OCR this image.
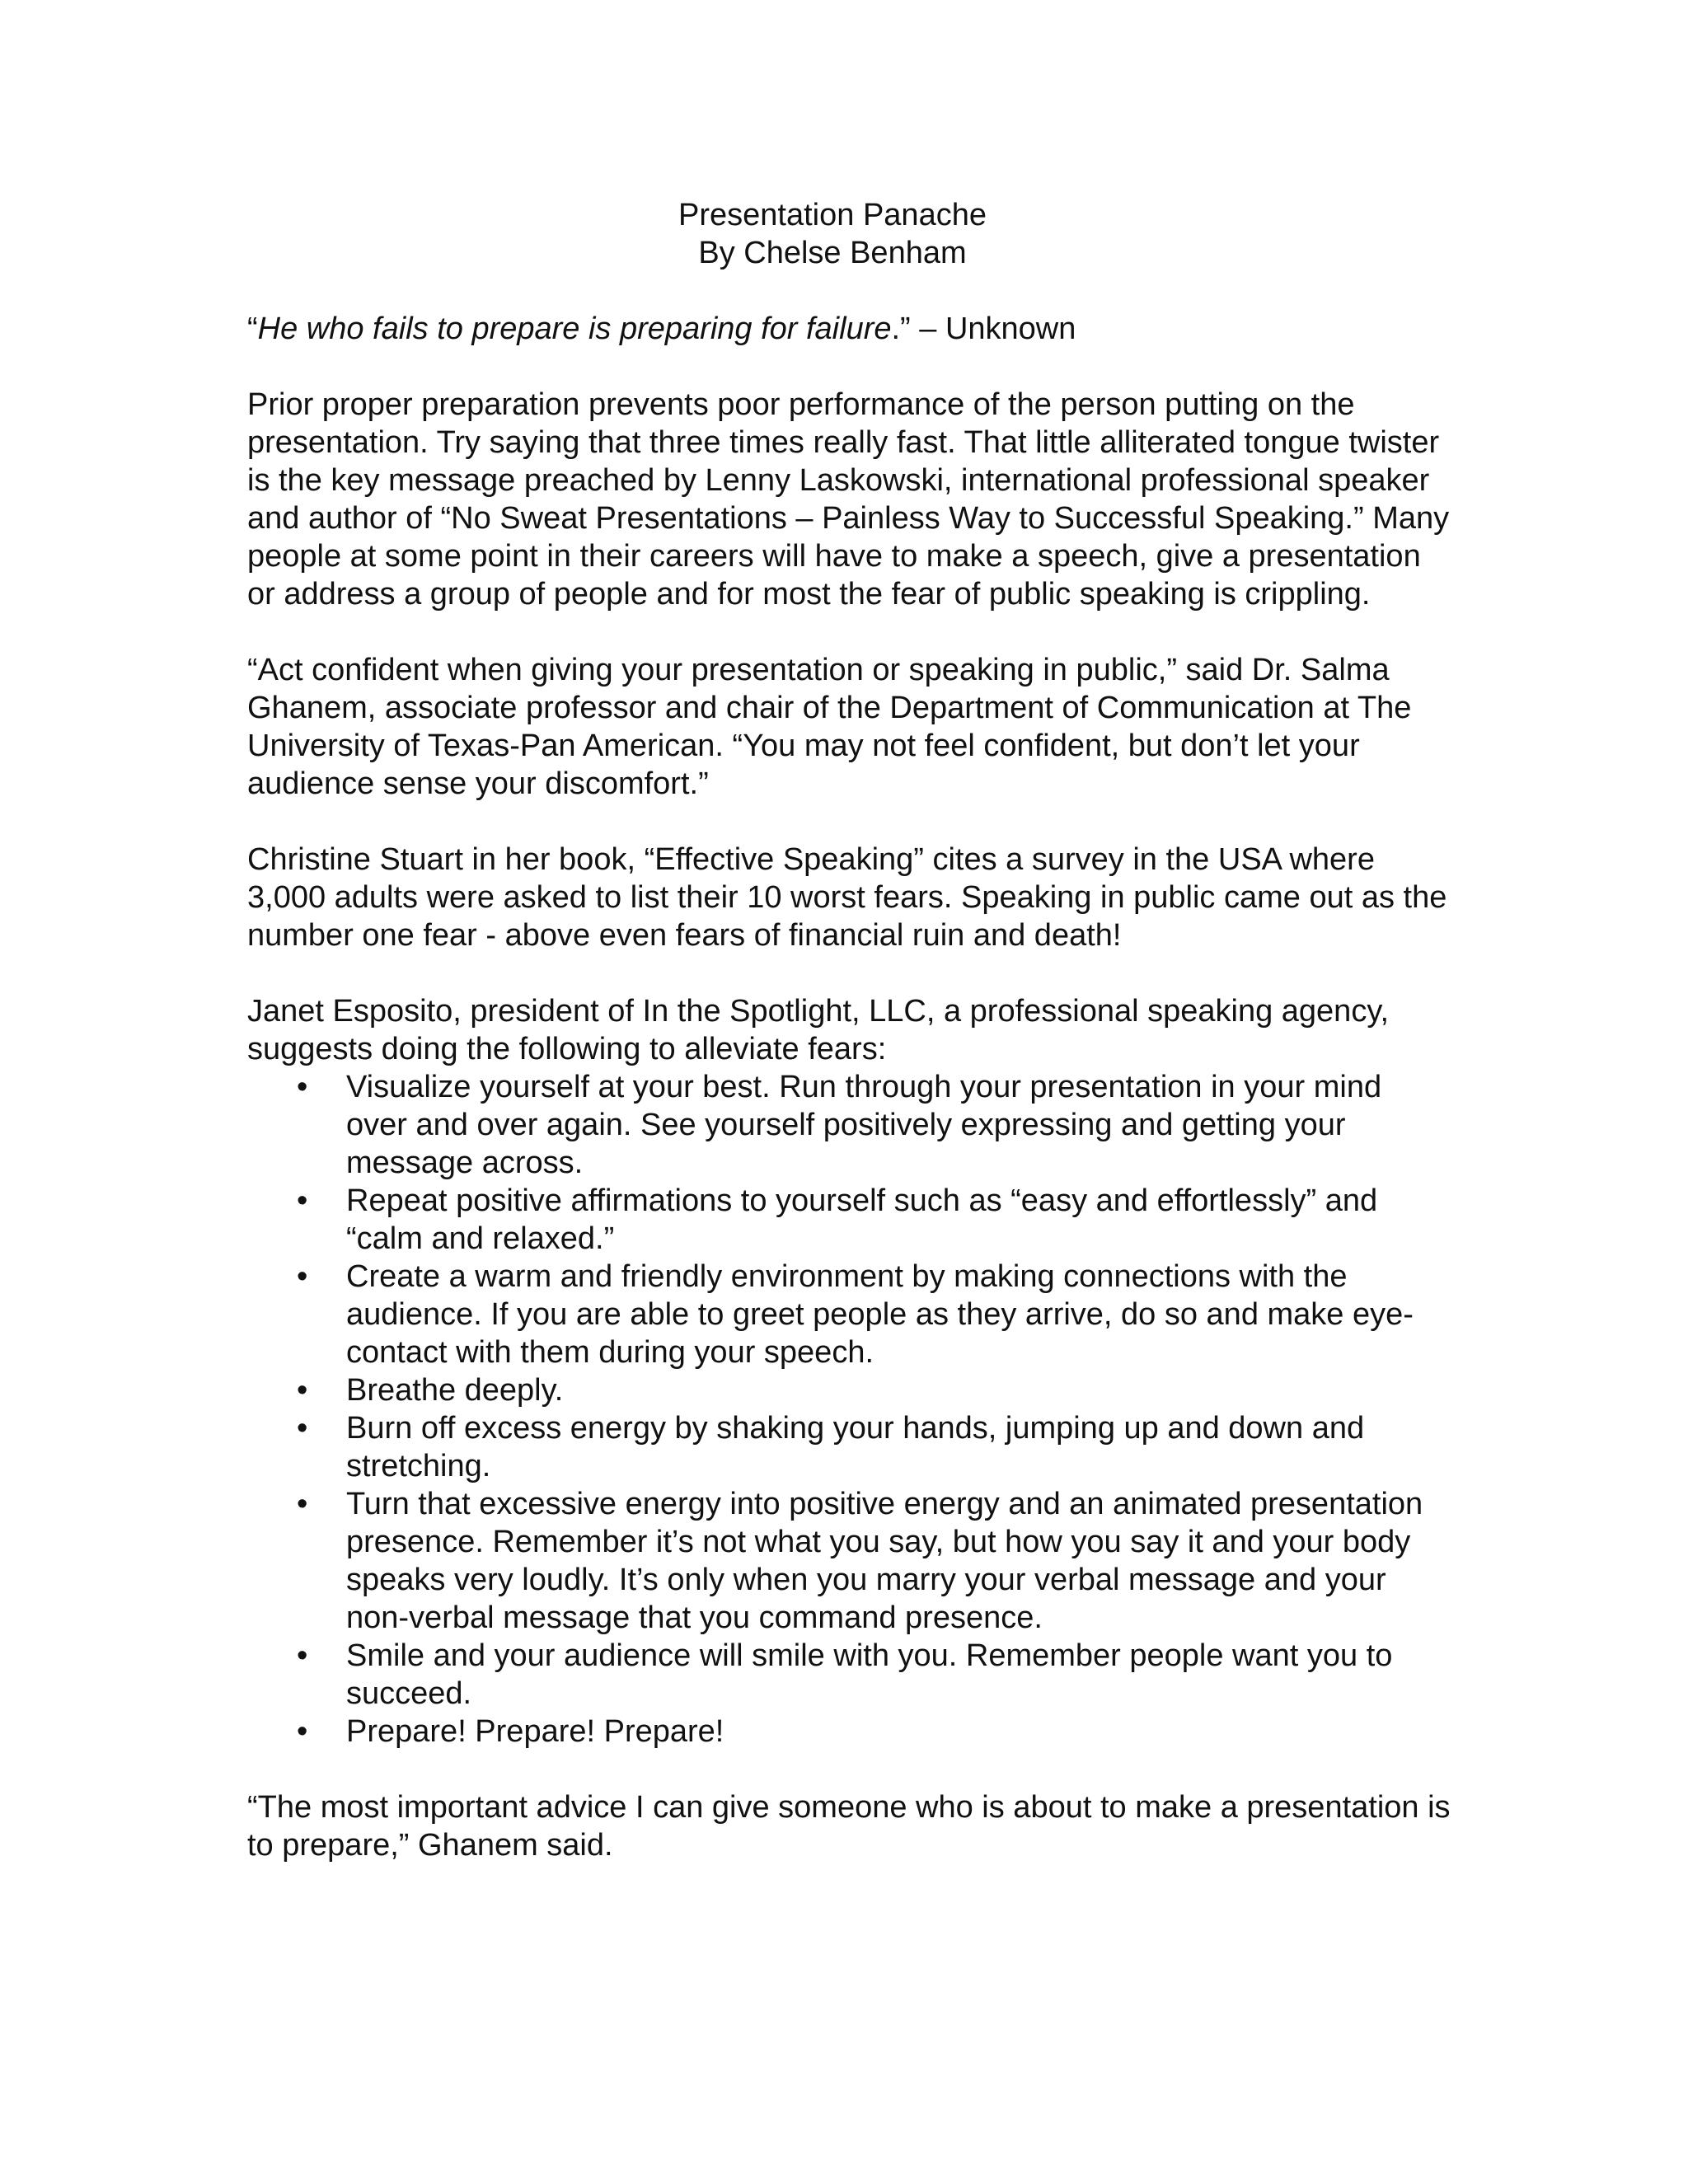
Presentation Panache
By Chelse Benham
“He who fails to prepare is preparing for failure.” – Unknown

Prior proper preparation prevents poor performance of the person putting on the presentation. Try saying that three times really fast. That little alliterated tongue twister is the key message preached by Lenny Laskowski, international professional speaker and author of “No Sweat Presentations – Painless Way to Successful Speaking.” Many people at some point in their careers will have to make a speech, give a presentation or address a group of people and for most the fear of public speaking is crippling.

“Act confident when giving your presentation or speaking in public,” said Dr. Salma Ghanem, associate professor and chair of the Department of Communication at The University of Texas-Pan American. “You may not feel confident, but don’t let your audience sense your discomfort.”

Christine Stuart in her book, “Effective Speaking” cites a survey in the USA where 3,000 adults were asked to list their 10 worst fears. Speaking in public came out as the number one fear - above even fears of financial ruin and death!

Janet Esposito, president of In the Spotlight, LLC, a professional speaking agency, suggests doing the following to alleviate fears:

•	Visualize yourself at your best. Run through your presentation in your mind over and over again. See yourself positively expressing and getting your message across.
•	Repeat positive affirmations to yourself such as “easy and effortlessly” and “calm and relaxed.”
•	Create a warm and friendly environment by making connections with the audience. If you are able to greet people as they arrive, do so and make eye-contact with them during your speech.
•	Breathe deeply.
•	Burn off excess energy by shaking your hands, jumping up and down and stretching.
•	Turn that excessive energy into positive energy and an animated presentation presence. Remember it’s not what you say, but how you say it and your body speaks very loudly. It’s only when you marry your verbal message and your non-verbal message that you command presence.
•	Smile and your audience will smile with you. Remember people want you to succeed.
•	Prepare! Prepare! Prepare!

“The most important advice I can give someone who is about to make a presentation is to prepare,” Ghanem said.
